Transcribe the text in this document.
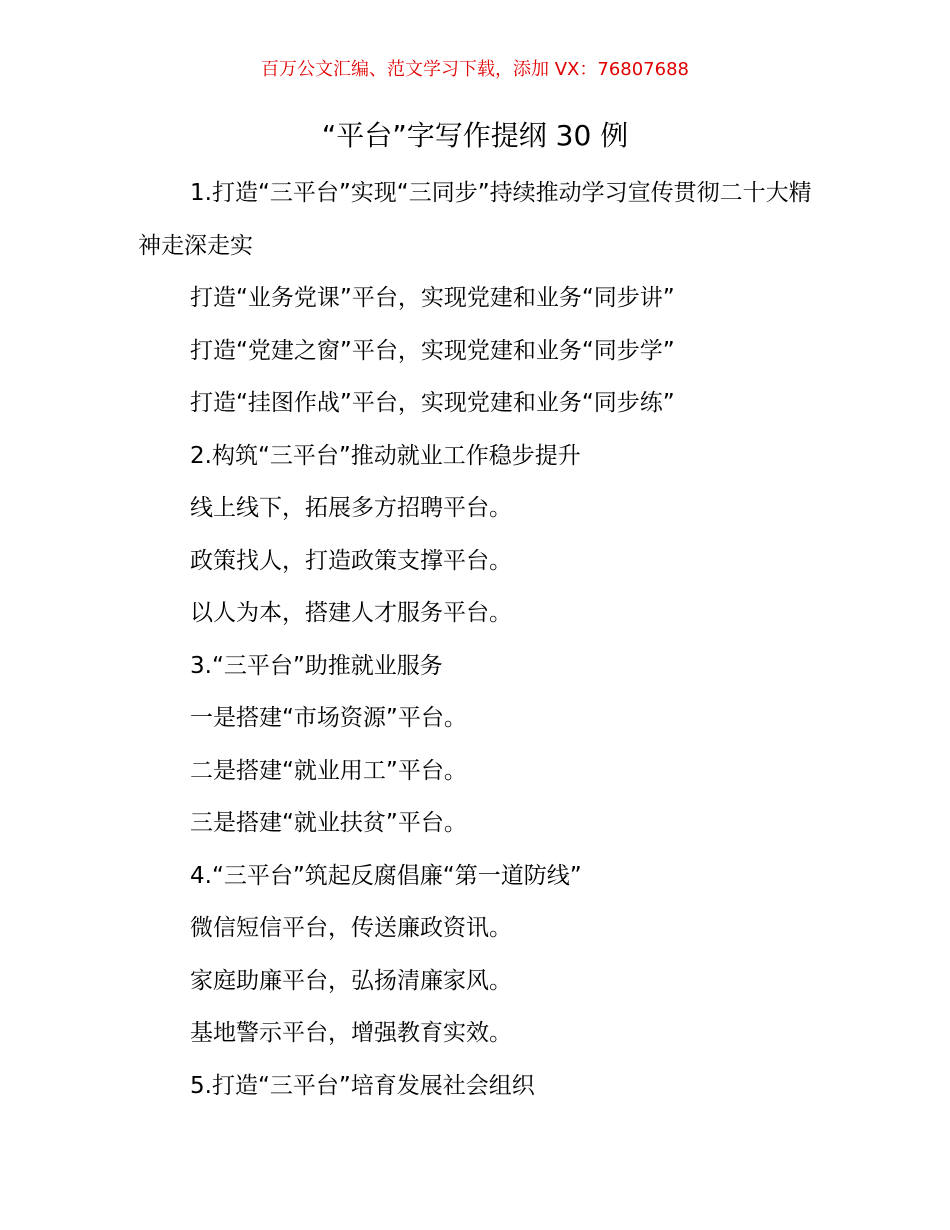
百万公文汇编、范文学习下载，添加 VX：76807688
“平台”字写作提纲 30 例

1.打造“三平台”实现“三同步”持续推动学习宣传贯彻二十大精神走深走实

打造“业务党课”平台，实现党建和业务“同步讲”

打造“党建之窗”平台，实现党建和业务“同步学”

打造“挂图作战”平台，实现党建和业务“同步练”

2.构筑“三平台”推动就业工作稳步提升

线上线下，拓展多方招聘平台。

政策找人，打造政策支撑平台。

以人为本，搭建人才服务平台。

3.“三平台”助推就业服务

一是搭建“市场资源”平台。

二是搭建“就业用工”平台。

三是搭建“就业扶贫”平台。

4.“三平台”筑起反腐倡廉“第一道防线”

微信短信平台，传送廉政资讯。

家庭助廉平台，弘扬清廉家风。

基地警示平台，增强教育实效。

5.打造“三平台”培育发展社会组织
